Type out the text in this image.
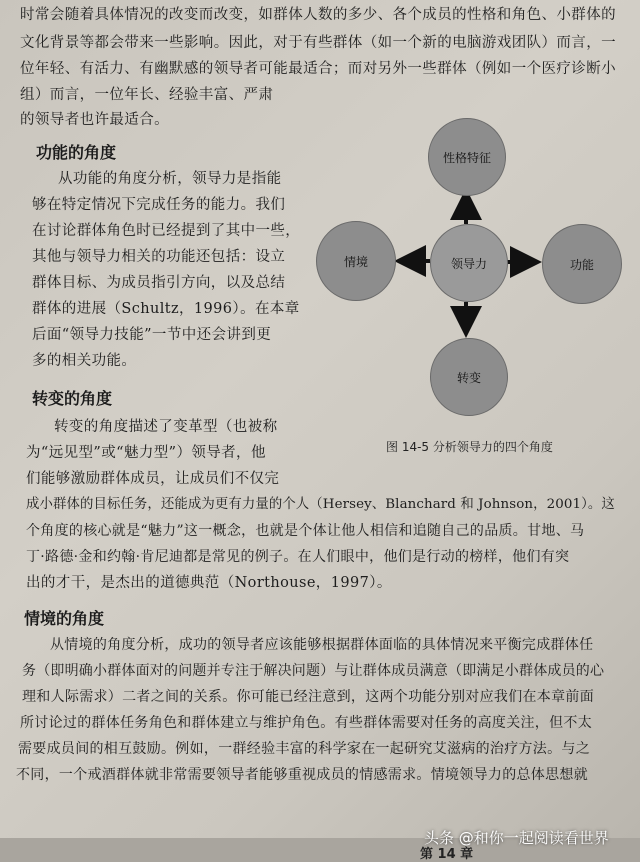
时常会随着具体情况的改变而改变，如群体人数的多少、各个成员的性格和角色、小群体的
文化背景等都会带来一些影响。因此，对于有些群体（如一个新的电脑游戏团队）而言，一
位年轻、有活力、有幽默感的领导者可能最适合；而对另外一些群体（例如一个医疗诊断小
组）而言，一位年长、经验丰富、严肃
的领导者也许最适合。
功能的角度
从功能的角度分析，领导力是指能
够在特定情况下完成任务的能力。我们
在讨论群体角色时已经提到了其中一些，
其他与领导力相关的功能还包括：设立
群体目标、为成员指引方向，以及总结
群体的进展（Schultz，1996）。在本章
后面“领导力技能”一节中还会讲到更
多的相关功能。
转变的角度
转变的角度描述了变革型（也被称
为“远见型”或“魅力型”）领导者，他
们能够激励群体成员，让成员们不仅完
成小群体的目标任务，还能成为更有力量的个人（Hersey、Blanchard 和 Johnson，2001）。这
个角度的核心就是“魅力”这一概念，也就是个体让他人相信和追随自己的品质。甘地、马
丁·路德·金和约翰·肯尼迪都是常见的例子。在人们眼中，他们是行动的榜样，他们有突
出的才干，是杰出的道德典范（Northouse，1997）。
情境的角度
从情境的角度分析，成功的领导者应该能够根据群体面临的具体情况来平衡完成群体任
务（即明确小群体面对的问题并专注于解决问题）与让群体成员满意（即满足小群体成员的心
理和人际需求）二者之间的关系。你可能已经注意到，这两个功能分别对应我们在本章前面
所讨论过的群体任务角色和群体建立与维护角色。有些群体需要对任务的高度关注，但不太
需要成员间的相互鼓励。例如，一群经验丰富的科学家在一起研究艾滋病的治疗方法。与之
不同，一个戒酒群体就非常需要领导者能够重视成员的情感需求。情境领导力的总体思想就
领导力
性格特征
情境	功能
转变
图 14-5 分析领导力的四个角度
第 14 章
头条 @和你一起阅读看世界
